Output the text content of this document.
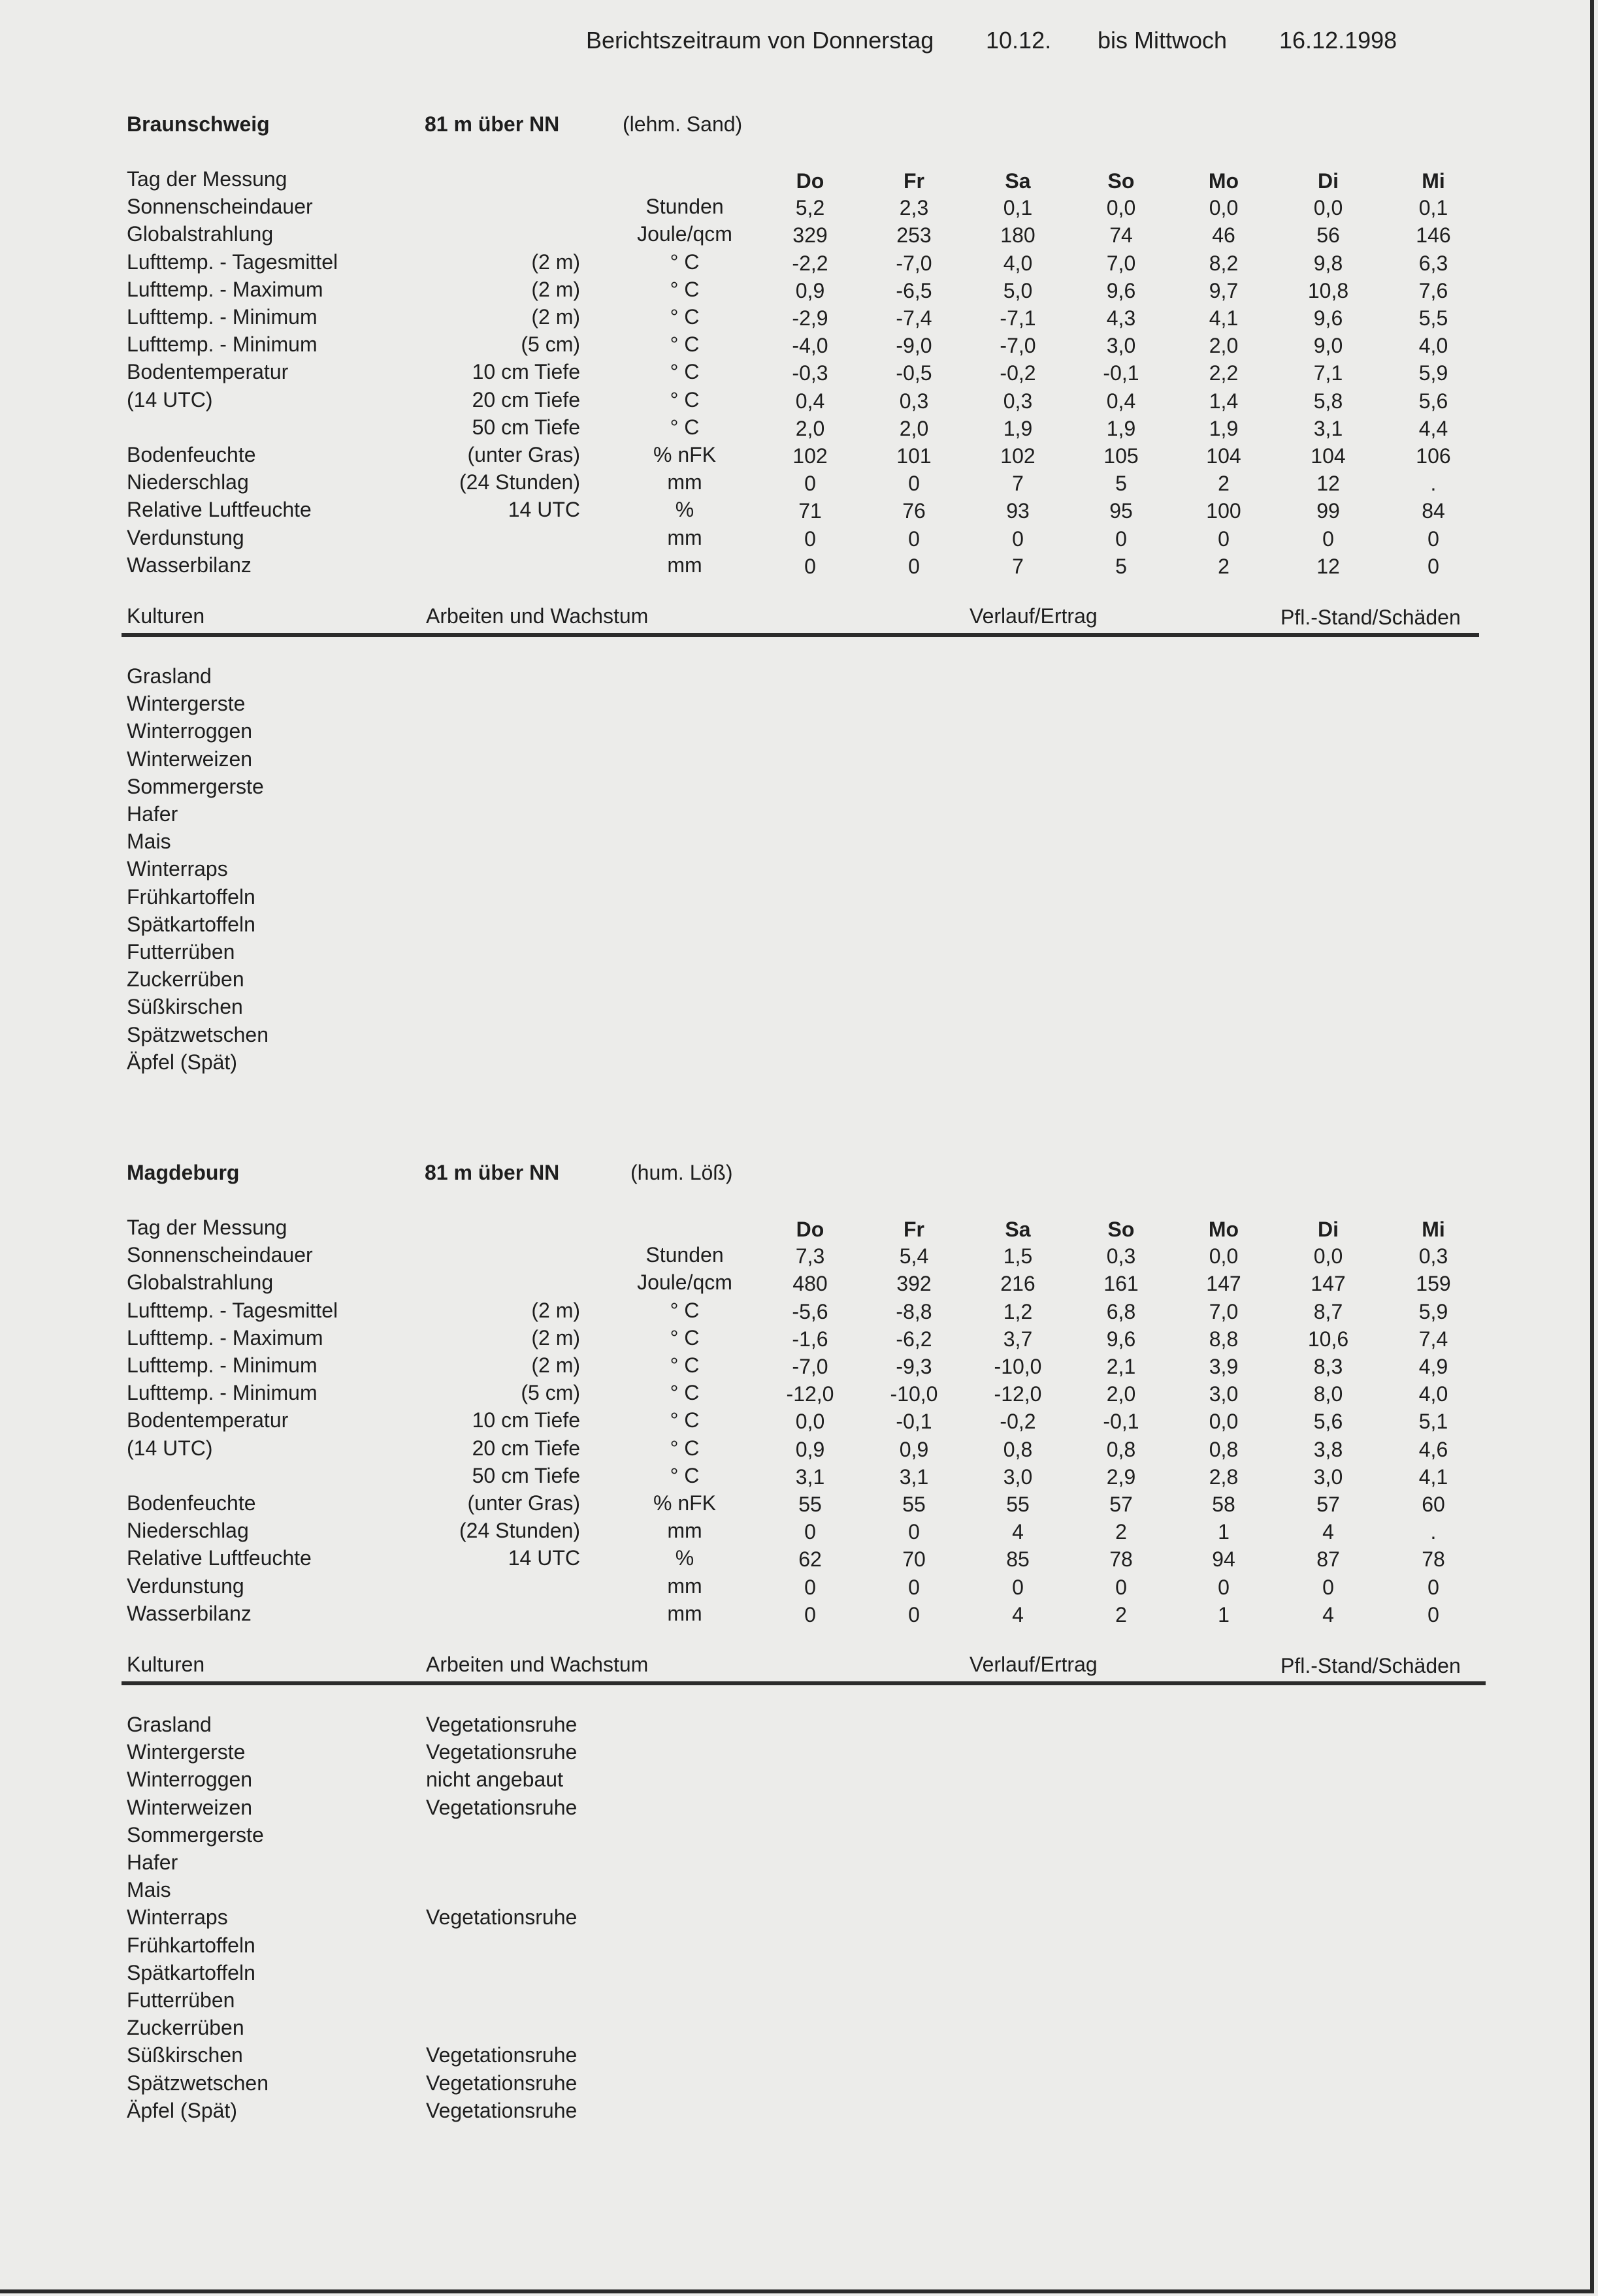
Berichtszeitraum von Donnerstag 10.12. bis Mittwoch 16.12.1998
Braunschweig	81 m über NN	(lehm. Sand)
Tag der Messung	Do	Fr	Sa	So	Mo	Di	Mi
Sonnenscheindauer	Stunden	5,2	2,3	0,1	0,0	0,0	0,0	0,1
Globalstrahlung	Joule/qcm	329	253	180	74	46	56	146
Lufttemp. - Tagesmittel	(2 m)	° C	-2,2	-7,0	4,0	7,0	8,2	9,8	6,3
Lufttemp. - Maximum	(2 m)	° C	0,9	-6,5	5,0	9,6	9,7	10,8	7,6
Lufttemp. - Minimum	(2 m)	° C	-2,9	-7,4	-7,1	4,3	4,1	9,6	5,5
Lufttemp. - Minimum	(5 cm)	° C	-4,0	-9,0	-7,0	3,0	2,0	9,0	4,0
Bodentemperatur	10 cm Tiefe	° C	-0,3	-0,5	-0,2	-0,1	2,2	7,1	5,9
(14 UTC)	20 cm Tiefe	° C	0,4	0,3	0,3	0,4	1,4	5,8	5,6
50 cm Tiefe	° C	2,0	2,0	1,9	1,9	1,9	3,1	4,4
Bodenfeuchte	(unter Gras)	% nFK	102	101	102	105	104	104	106
Niederschlag	(24 Stunden)	mm	0	0	7	5	2	12	.
Relative Luftfeuchte	14 UTC	%	71	76	93	95	100	99	84
Verdunstung	mm	0	0	0	0	0	0	0
Wasserbilanz	mm	0	0	7	5	2	12	0
Kulturen	Arbeiten und Wachstum	Verlauf/Ertrag	Pfl.-Stand/Schäden
Grasland
Wintergerste
Winterroggen
Winterweizen
Sommergerste
Hafer
Mais
Winterraps
Frühkartoffeln
Spätkartoffeln
Futterrüben
Zuckerrüben
Süßkirschen
Spätzwetschen
Äpfel (Spät)
Magdeburg	81 m über NN	(hum. Löß)
Tag der Messung	Do	Fr	Sa	So	Mo	Di	Mi
Sonnenscheindauer	Stunden	7,3	5,4	1,5	0,3	0,0	0,0	0,3
Globalstrahlung	Joule/qcm	480	392	216	161	147	147	159
Lufttemp. - Tagesmittel	(2 m)	° C	-5,6	-8,8	1,2	6,8	7,0	8,7	5,9
Lufttemp. - Maximum	(2 m)	° C	-1,6	-6,2	3,7	9,6	8,8	10,6	7,4
Lufttemp. - Minimum	(2 m)	° C	-7,0	-9,3	-10,0	2,1	3,9	8,3	4,9
Lufttemp. - Minimum	(5 cm)	° C	-12,0	-10,0	-12,0	2,0	3,0	8,0	4,0
Bodentemperatur	10 cm Tiefe	° C	0,0	-0,1	-0,2	-0,1	0,0	5,6	5,1
(14 UTC)	20 cm Tiefe	° C	0,9	0,9	0,8	0,8	0,8	3,8	4,6
50 cm Tiefe	° C	3,1	3,1	3,0	2,9	2,8	3,0	4,1
Bodenfeuchte	(unter Gras)	% nFK	55	55	55	57	58	57	60
Niederschlag	(24 Stunden)	mm	0	0	4	2	1	4	.
Relative Luftfeuchte	14 UTC	%	62	70	85	78	94	87	78
Verdunstung	mm	0	0	0	0	0	0	0
Wasserbilanz	mm	0	0	4	2	1	4	0
Kulturen	Arbeiten und Wachstum	Verlauf/Ertrag	Pfl.-Stand/Schäden
Grasland	Vegetationsruhe
Wintergerste	Vegetationsruhe
Winterroggen	nicht angebaut
Winterweizen	Vegetationsruhe
Sommergerste
Hafer
Mais
Winterraps	Vegetationsruhe
Frühkartoffeln
Spätkartoffeln
Futterrüben
Zuckerrüben
Süßkirschen	Vegetationsruhe
Spätzwetschen	Vegetationsruhe
Äpfel (Spät)	Vegetationsruhe
